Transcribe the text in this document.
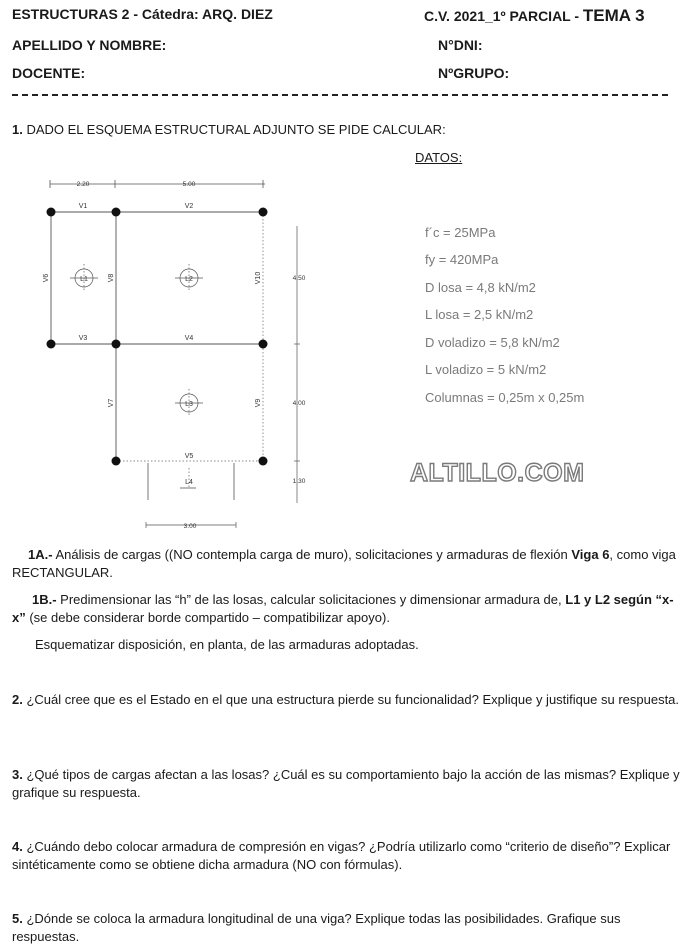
ESTRUCTURAS 2 - Cátedra: ARQ. DIEZ	C.V. 2021_1º PARCIAL - TEMA 3
APELLIDO Y NOMBRE:	N°DNI:
DOCENTE:	NºGRUPO:
1. DADO EL ESQUEMA ESTRUCTURAL ADJUNTO SE PIDE CALCULAR:
DATOS:
f´c = 25MPa
fy = 420MPa
D losa = 4,8 kN/m2
L losa = 2,5 kN/m2
D voladizo = 5,8 kN/m2
L voladizo = 5 kN/m2
Columnas = 0,25m x 0,25m
ALTILLO.COM
2.20	5.00
4.50
4.00
1.30
3.00
V1	V2
V3	V4
V5
V6
V7
V8
V9
V10
L1	L2
L3
L4
1A.- Análisis de cargas ((NO contempla carga de muro), solicitaciones y armaduras de flexión Viga 6, como viga RECTANGULAR.
1B.- Predimensionar las “h” de las losas, calcular solicitaciones y dimensionar armadura de, L1 y L2 según “x-x” (se debe considerar borde compartido – compatibilizar apoyo).
Esquematizar disposición, en planta, de las armaduras adoptadas.
2. ¿Cuál cree que es el Estado en el que una estructura pierde su funcionalidad? Explique y justifique su respuesta.
3. ¿Qué tipos de cargas afectan a las losas? ¿Cuál es su comportamiento bajo la acción de las mismas? Explique y grafique su respuesta.
4. ¿Cuándo debo colocar armadura de compresión en vigas? ¿Podría utilizarlo como “criterio de diseño”? Explicar sintéticamente como se obtiene dicha armadura (NO con fórmulas).
5. ¿Dónde se coloca la armadura longitudinal de una viga? Explique todas las posibilidades. Grafique sus respuestas.
